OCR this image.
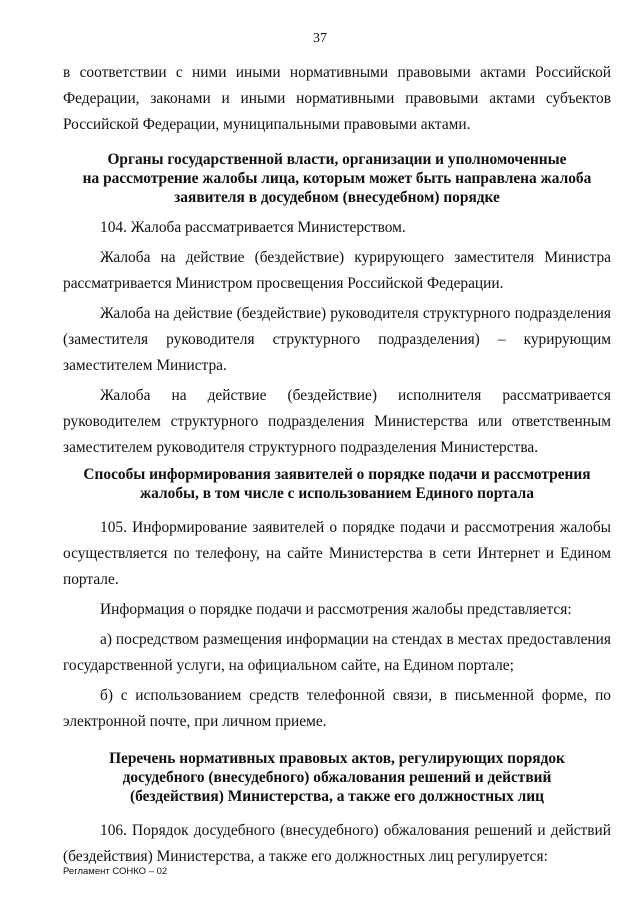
37

в соответствии с ними иными нормативными правовыми актами Российской Федерации, законами и иными нормативными правовыми актами субъектов Российской Федерации, муниципальными правовыми актами.

Органы государственной власти, организации и уполномоченные
на рассмотрение жалобы лица, которым может быть направлена жалоба
заявителя в досудебном (внесудебном) порядке

104. Жалоба рассматривается Министерством.

Жалоба на действие (бездействие) курирующего заместителя Министра рассматривается Министром просвещения Российской Федерации.

Жалоба на действие (бездействие) руководителя структурного подразделения (заместителя руководителя структурного подразделения) – курирующим заместителем Министра.

Жалоба на действие (бездействие) исполнителя рассматривается руководителем структурного подразделения Министерства или ответственным заместителем руководителя структурного подразделения Министерства.

Способы информирования заявителей о порядке подачи и рассмотрения
жалобы, в том числе с использованием Единого портала

105. Информирование заявителей о порядке подачи и рассмотрения жалобы осуществляется по телефону, на сайте Министерства в сети Интернет и Едином портале.

Информация о порядке подачи и рассмотрения жалобы представляется:

а) посредством размещения информации на стендах в местах предоставления государственной услуги, на официальном сайте, на Едином портале;

б) с использованием средств телефонной связи, в письменной форме, по электронной почте, при личном приеме.

Перечень нормативных правовых актов, регулирующих порядок
досудебного (внесудебного) обжалования решений и действий
(бездействия) Министерства, а также его должностных лиц

106. Порядок досудебного (внесудебного) обжалования решений и действий (бездействия) Министерства, а также его должностных лиц регулируется:

Регламент СОНКО – 02
